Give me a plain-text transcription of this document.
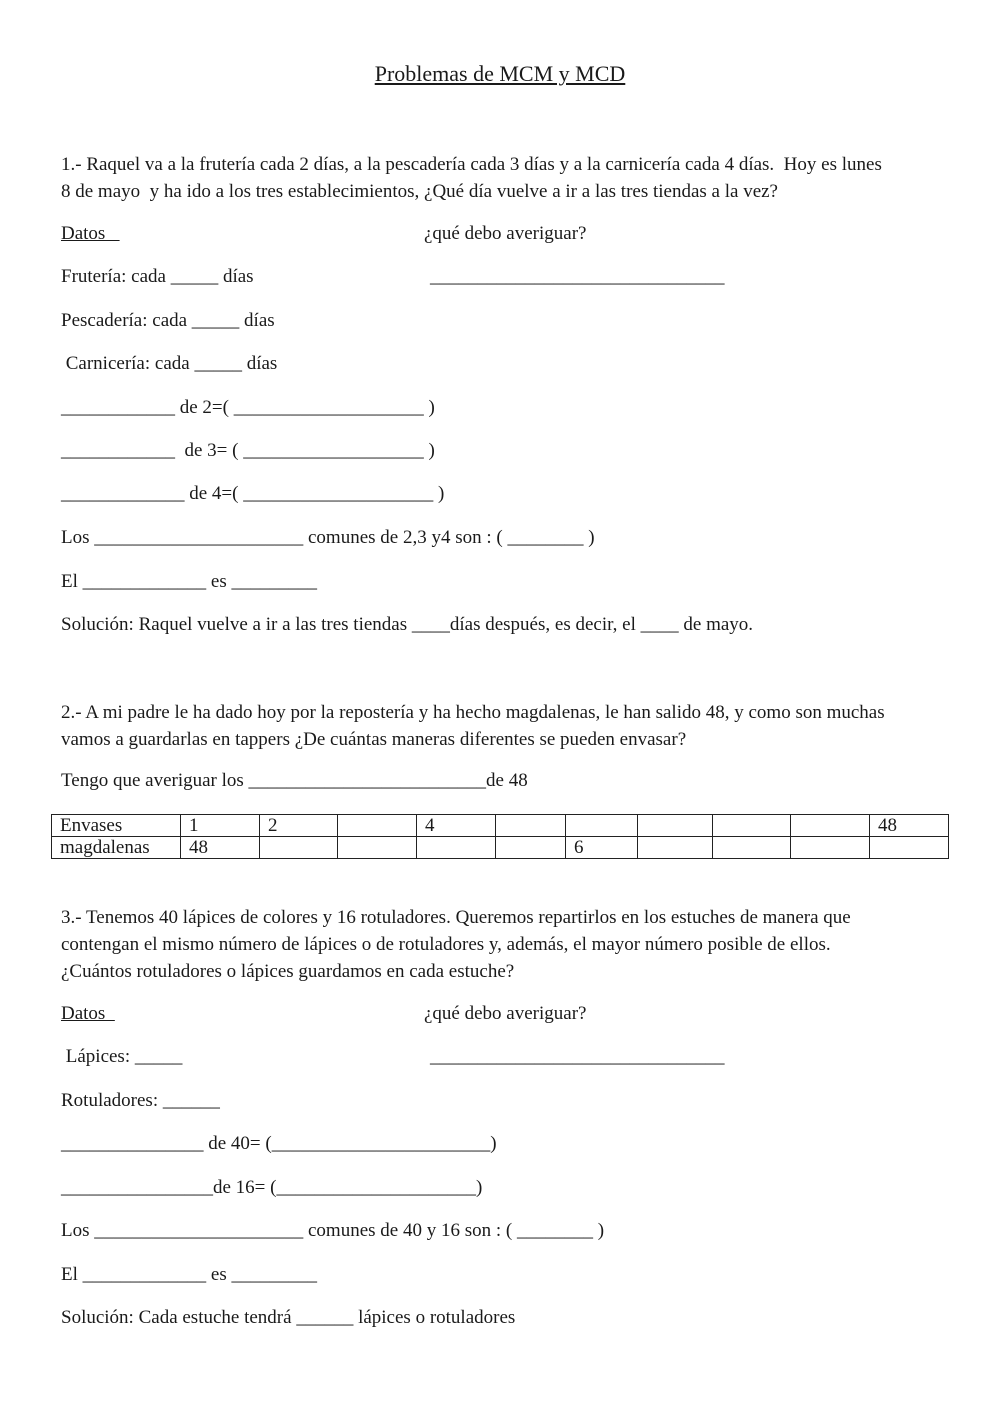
Problemas de MCM y MCD
1.- Raquel va a la frutería cada 2 días, a la pescadería cada 3 días y a la carnicería cada 4 días.  Hoy es lunes
8 de mayo  y ha ido a los tres establecimientos, ¿Qué día vuelve a ir a las tres tiendas a la vez?
Datos	¿qué debo averiguar?
Frutería: cada _____ días	_______________________________
Pescadería: cada _____ días
Carnicería: cada _____ días
____________ de 2=( ____________________ )
____________  de 3= ( ___________________ )
_____________ de 4=( ____________________ )
Los ______________________ comunes de 2,3 y4 son : ( ________ )
El _____________ es _________
Solución: Raquel vuelve a ir a las tres tiendas ____días después, es decir, el ____ de mayo.
2.- A mi padre le ha dado hoy por la repostería y ha hecho magdalenas, le han salido 48, y como son muchas
vamos a guardarlas en tappers ¿De cuántas maneras diferentes se pueden envasar?
Tengo que averiguar los _________________________de 48
Envases	1	2		4						48
magdalenas	48					6				
3.- Tenemos 40 lápices de colores y 16 rotuladores. Queremos repartirlos en los estuches de manera que
contengan el mismo número de lápices o de rotuladores y, además, el mayor número posible de ellos.
¿Cuántos rotuladores o lápices guardamos en cada estuche?
Datos	¿qué debo averiguar?
Lápices: _____	_______________________________
Rotuladores: ______
_______________ de 40= (_______________________)
________________de 16= (_____________________)
Los ______________________ comunes de 40 y 16 son : ( ________ )
El _____________ es _________
Solución: Cada estuche tendrá ______ lápices o rotuladores
